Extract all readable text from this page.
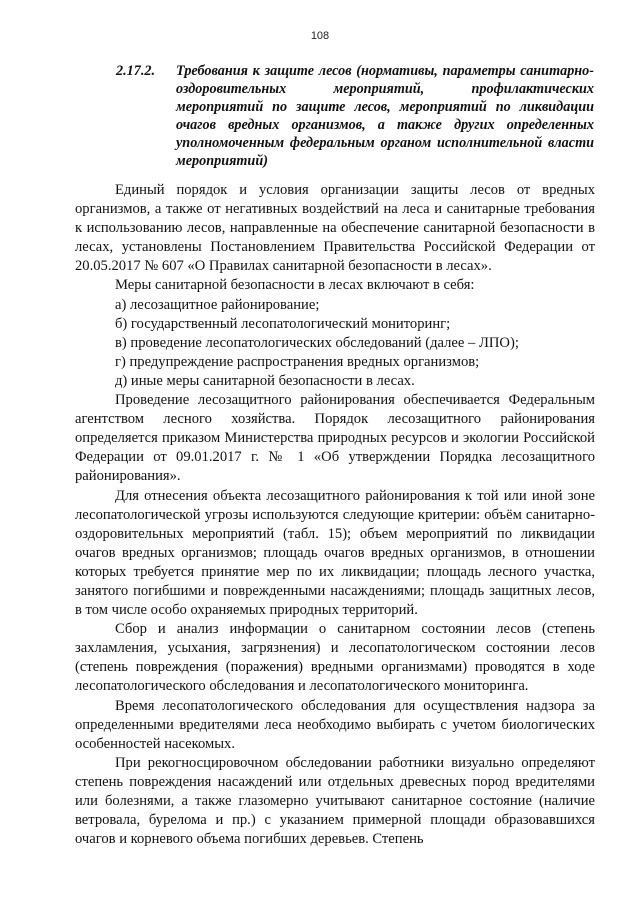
108
2.17.2. Требования к защите лесов (нормативы, параметры санитарно-оздоровительных мероприятий, профилактических мероприятий по защите лесов, мероприятий по ликвидации очагов вредных организмов, а также других определенных уполномоченным федеральным органом исполнительной власти мероприятий)

Единый порядок и условия организации защиты лесов от вредных организмов, а также от негативных воздействий на леса и санитарные требования к использованию лесов, направленные на обеспечение санитарной безопасности в лесах, установлены Постановлением Правительства Российской Федерации от 20.05.2017 № 607 «О Правилах санитарной безопасности в лесах».

Меры санитарной безопасности в лесах включают в себя:

а) лесозащитное районирование;

б) государственный лесопатологический мониторинг;

в) проведение лесопатологических обследований (далее – ЛПО);

г) предупреждение распространения вредных организмов;

д) иные меры санитарной безопасности в лесах.

Проведение лесозащитного районирования обеспечивается Федеральным агентством лесного хозяйства. Порядок лесозащитного районирования определяется приказом Министерства природных ресурсов и экологии Российской Федерации от 09.01.2017 г. № 1 «Об утверждении Порядка лесозащитного районирования».

Для отнесения объекта лесозащитного районирования к той или иной зоне лесопатологической угрозы используются следующие критерии: объём санитарно-оздоровительных мероприятий (табл. 15); объем мероприятий по ликвидации очагов вредных организмов; площадь очагов вредных организмов, в отношении которых требуется принятие мер по их ликвидации; площадь лесного участка, занятого погибшими и поврежденными насаждениями; площадь защитных лесов, в том числе особо охраняемых природных территорий.

Сбор и анализ информации о санитарном состоянии лесов (степень захламления, усыхания, загрязнения) и лесопатологическом состоянии лесов (степень повреждения (поражения) вредными организмами) проводятся в ходе лесопатологического обследования и лесопатологического мониторинга.

Время лесопатологического обследования для осуществления надзора за определенными вредителями леса необходимо выбирать с учетом биологических особенностей насекомых.

При рекогносцировочном обследовании работники визуально определяют степень повреждения насаждений или отдельных древесных пород вредителями или болезнями, а также глазомерно учитывают санитарное состояние (наличие ветровала, бурелома и пр.) с указанием примерной площади образовавшихся очагов и корневого объема погибших деревьев. Степень
